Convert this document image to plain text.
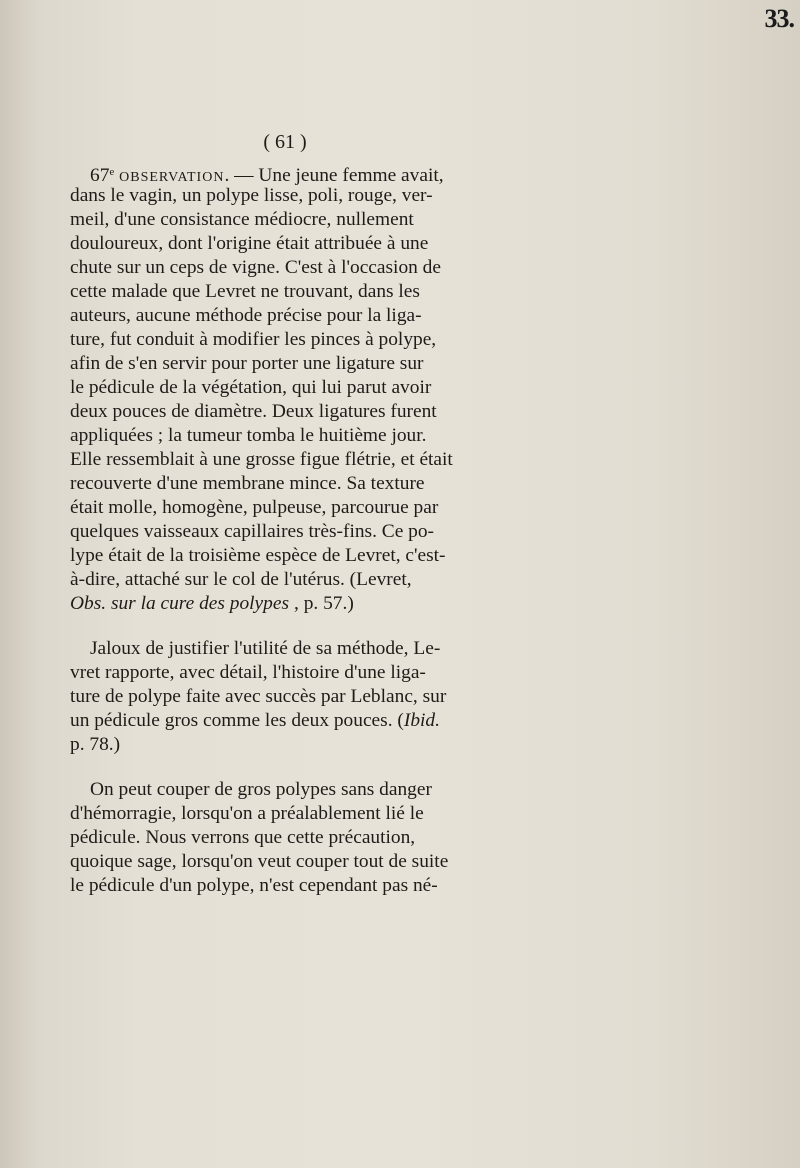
33.
( 61 )
67e observation. — Une jeune femme avait,
dans le vagin, un polype lisse, poli, rouge, ver-
meil, d'une consistance médiocre, nullement
douloureux, dont l'origine était attribuée à une
chute sur un ceps de vigne. C'est à l'occasion de
cette malade que Levret ne trouvant, dans les
auteurs, aucune méthode précise pour la liga-
ture, fut conduit à modifier les pinces à polype,
afin de s'en servir pour porter une ligature sur
le pédicule de la végétation, qui lui parut avoir
deux pouces de diamètre. Deux ligatures furent
appliquées ; la tumeur tomba le huitième jour.
Elle ressemblait à une grosse figue flétrie, et était
recouverte d'une membrane mince. Sa texture
était molle, homogène, pulpeuse, parcourue par
quelques vaisseaux capillaires très-fins. Ce po-
lype était de la troisième espèce de Levret, c'est-
à-dire, attaché sur le col de l'utérus. (Levret,
Obs. sur la cure des polypes , p. 57.)
Jaloux de justifier l'utilité de sa méthode, Le-
vret rapporte, avec détail, l'histoire d'une liga-
ture de polype faite avec succès par Leblanc, sur
un pédicule gros comme les deux pouces. (Ibid.
p. 78.)
On peut couper de gros polypes sans danger
d'hémorragie, lorsqu'on a préalablement lié le
pédicule. Nous verrons que cette précaution,
quoique sage, lorsqu'on veut couper tout de suite
le pédicule d'un polype, n'est cependant pas né-
